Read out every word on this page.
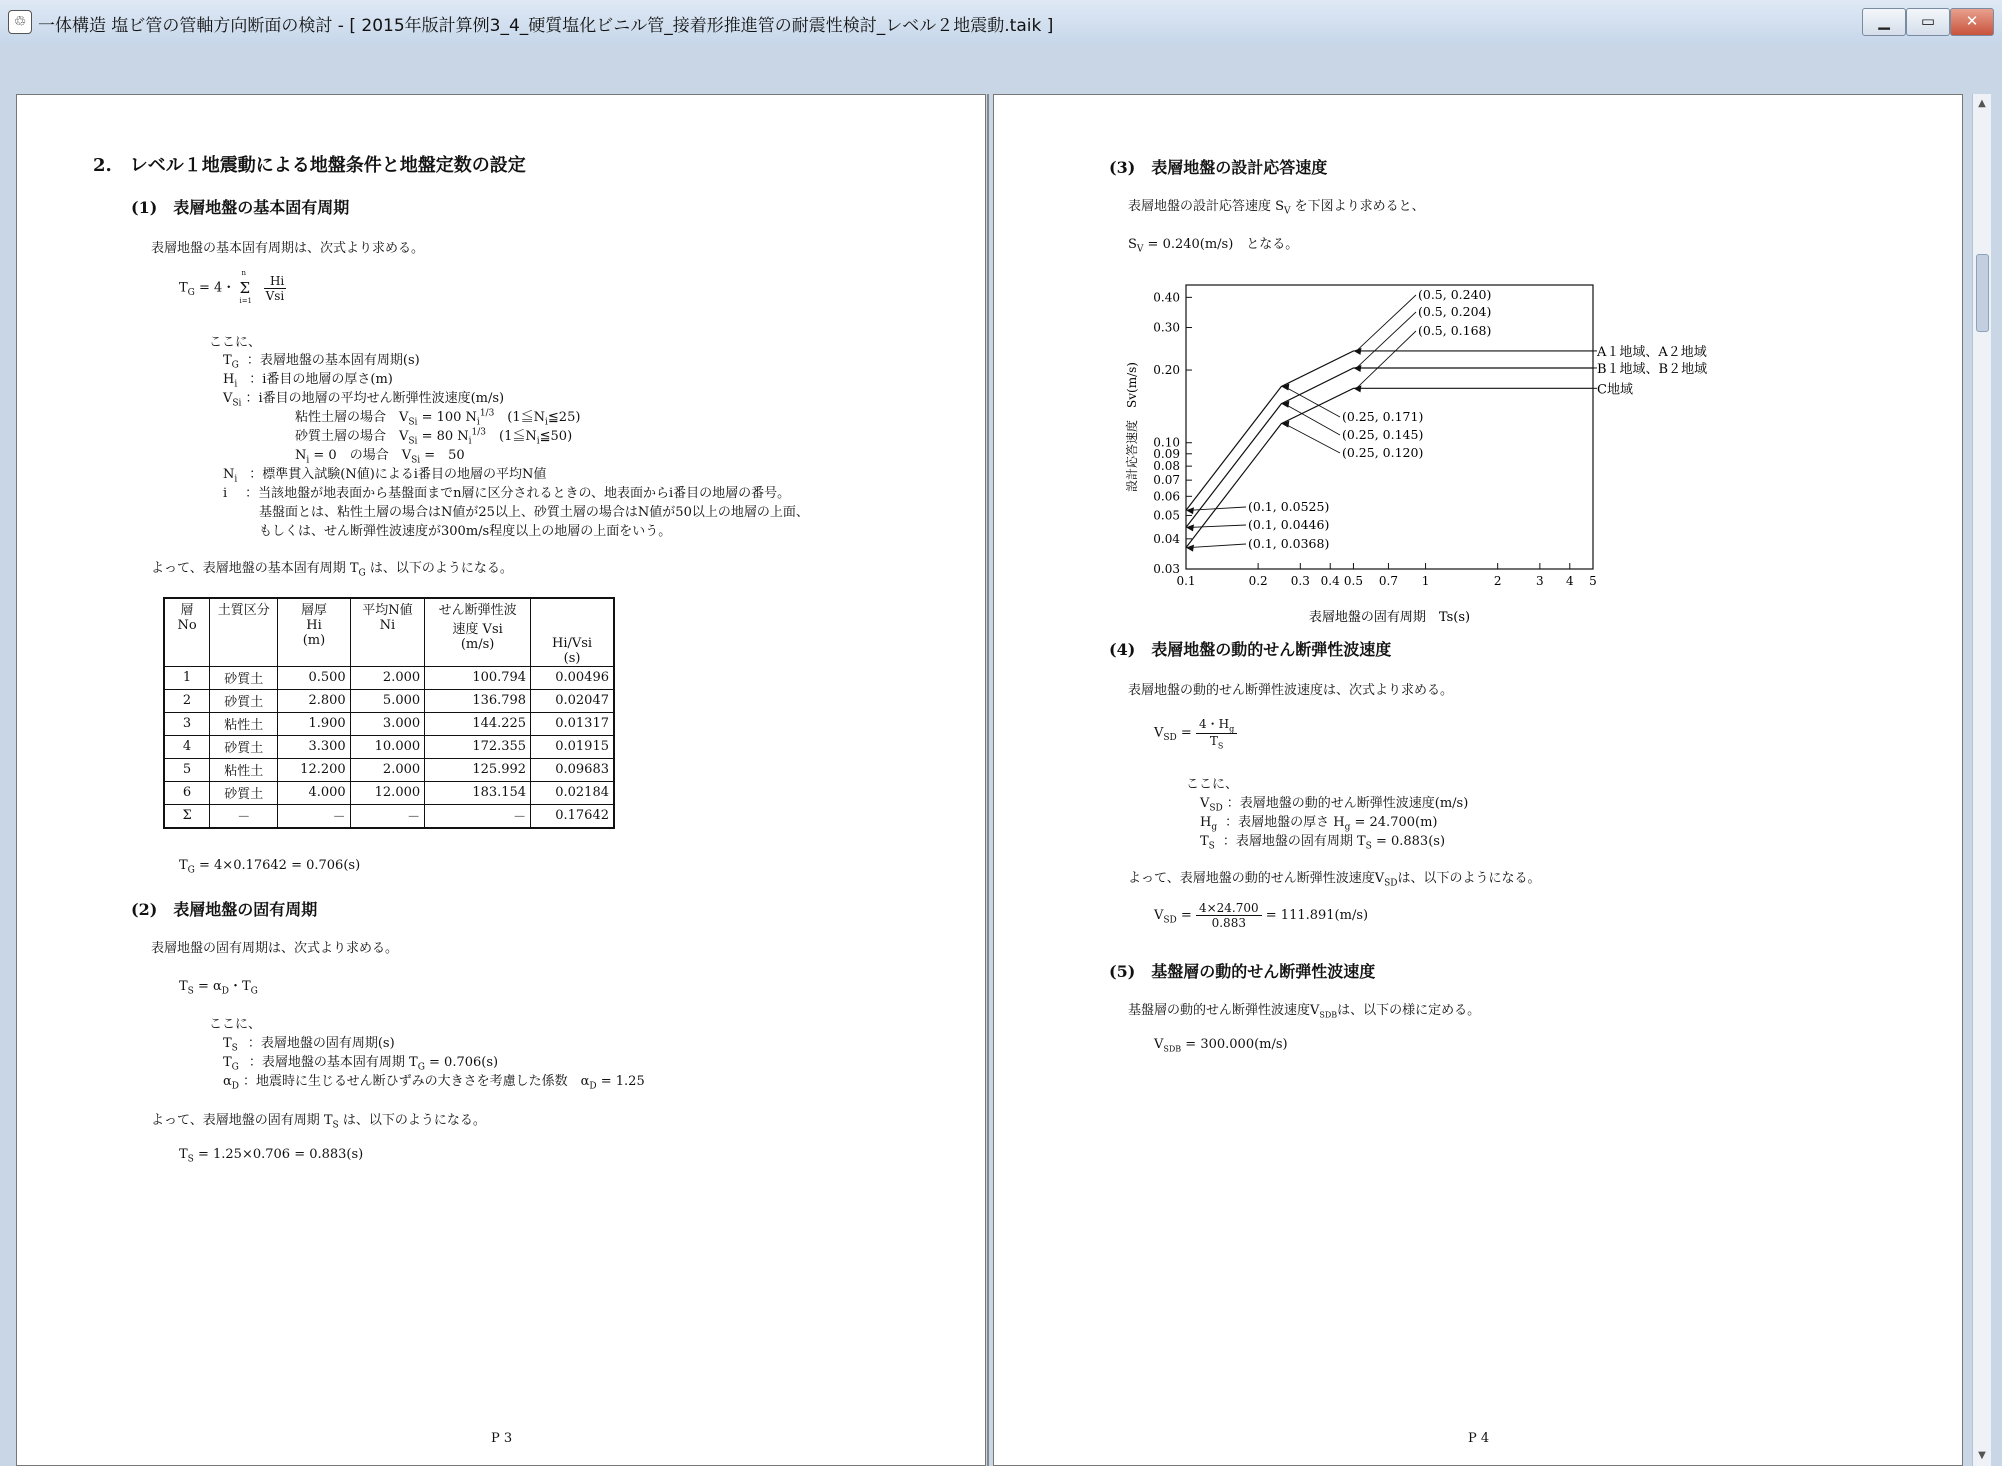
♲ 一体構造 塩ビ管の管軸方向断面の検討 - [ 2015年版計算例3_4_硬質塩化ビニル管_接着形推進管の耐震性検討_レベル２地震動.taik ]	▁	▭	✕
2.　レベル１地震動による地盤条件と地盤定数の設定
(1)　表層地盤の基本固有周期
表層地盤の基本固有周期は、次式より求める。
$T_G = 4$・
n
Σ
i=1
$\frac{Hi}{\text{Vsi}}$
ここに、
$T_G$ ：表層地盤の基本固有周期(s)
$H_i$ ：i番目の地層の厚さ(m)
$V_{Si}$ ：i番目の地層の平均せん断弾性波速度(m/s)
粘性土層の場合　$V_{Si} = 100$ $N_i^{1/3}$　$(1≦N_i≦25)$
砂質土層の場合　$V_{Si} = 80$ $N_i^{1/3}$　$(1≦N_i≦50)$
$N_i = 0$　の場合　$V_{Si}$ =　50
$N_i$ ：標準貫入試験(N値)によるi番目の地層の平均N値
i ：当該地盤が地表面から基盤面までn層に区分されるときの、地表面からi番目の地層の番号。
基盤面とは、粘性土層の場合はN値が25以上、砂質土層の場合はN値が50以上の地層の上面、
もしくは、せん断弾性波速度が300m/s程度以上の地層の上面をいう。
よって、表層地盤の基本固有周期 $T_G$ は、以下のようになる。
層
No	土質区分	層厚
Hi
(m)	平均N値
Ni	せん断弾性波
速度 Vsi
(m/s)	Hi/Vsi
(s)
1	砂質土	0.500	2.000	100.794	0.00496
2	砂質土	2.800	5.000	136.798	0.02047
3	粘性土	1.900	3.000	144.225	0.01317
4	砂質土	3.300	10.000	172.355	0.01915
5	粘性土	12.200	2.000	125.992	0.09683
6	砂質土	4.000	12.000	183.154	0.02184
Σ	－	－	－	－	0.17642
$T_G = 4\times 0.17642 = 0.706(s)$
(2)　表層地盤の固有周期
表層地盤の固有周期は、次式より求める。
$T_S = \alpha_D$・$T_G$
ここに、
$T_S$ ：表層地盤の固有周期(s)
$T_G$ ：表層地盤の基本固有周期 $T_G = 0.706(s)$
$\alpha_D$ ：地震時に生じるせん断ひずみの大きさを考慮した係数　$\alpha_D = 1.25$
よって、表層地盤の固有周期 $T_S$ は、以下のようになる。
$T_S = 1.25\times 0.706 = 0.883(s)$
P 3
(3)　表層地盤の設計応答速度
表層地盤の設計応答速度 $S_V$ を下図より求めると、
$S_V = 0.240(m/s)$　となる。
0.1	0.2 0.3 0.4 0.5 0.7 1	2	3 4 5
0.03
0.04
0.05
0.06
0.07
0.08
0.09
0.10
0.20
0.30
0.40
表層地盤の固有周期　Ts(s)
設計応答速度　Sv(m/s)
A１地域、A２地域
B１地域、B２地域
C地域
(0.5, 0.240)
(0.5, 0.204)
(0.5, 0.168)
(0.25, 0.171)
(0.25, 0.145)
(0.25, 0.120)
(0.1, 0.0525)
(0.1, 0.0446)
(0.1, 0.0368)
(4)　表層地盤の動的せん断弾性波速度
表層地盤の動的せん断弾性波速度は、次式より求める。
$V_{SD} = \frac{4・H_g}{T_S}$
ここに、
$V_{SD}$ ：表層地盤の動的せん断弾性波速度(m/s)
$H_g$ ：表層地盤の厚さ $H_g = 24.700(m)$
$T_S$ ：表層地盤の固有周期 $T_S = 0.883(s)$
よって、表層地盤の動的せん断弾性波速度$V_{SD}$は、以下のようになる。
$V_{SD} = \frac{4\times 24.700}{0.883} = 111.891(m/s)$
(5)　基盤層の動的せん断弾性波速度
基盤層の動的せん断弾性波速度$V_{SDB}$は、以下の様に定める。
$V_{SDB} = 300.000(m/s)$
P 4
▲
▼
